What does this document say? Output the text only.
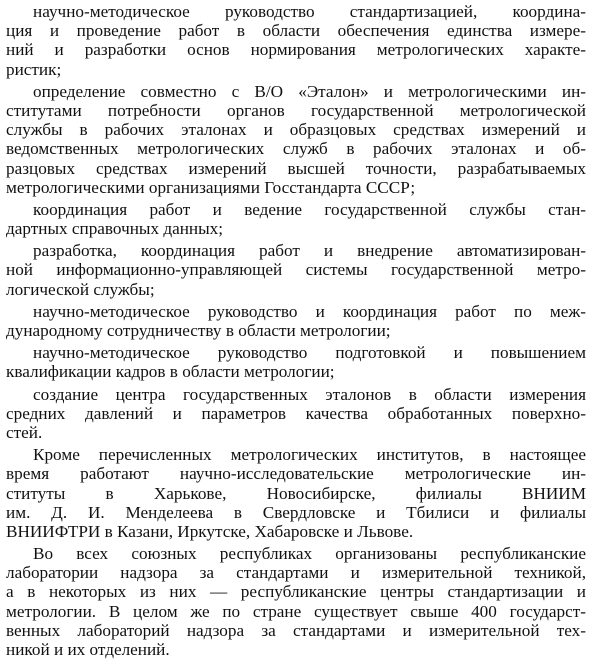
научно-методическое руководство стандартизацией, координа-
ция и проведение работ в области обеспечения единства измере-
ний и разработки основ нормирования метрологических характе-
ристик;
определение совместно с В/О «Эталон» и метрологическими ин-
ститутами потребности органов государственной метрологической
службы в рабочих эталонах и образцовых средствах измерений и
ведомственных метрологических служб в рабочих эталонах и об-
разцовых средствах измерений высшей точности, разрабатываемых
метрологическими организациями Госстандарта СССР;
координация работ и ведение государственной службы стан-
дартных справочных данных;
разработка, координация работ и внедрение автоматизирован-
ной информационно-управляющей системы государственной метро-
логической службы;
научно-методическое руководство и координация работ по меж-
дународному сотрудничеству в области метрологии;
научно-методическое руководство подготовкой и повышением
квалификации кадров в области метрологии;
создание центра государственных эталонов в области измерения
средних давлений и параметров качества обработанных поверхно-
стей.
Кроме перечисленных метрологических институтов, в настоящее
время работают научно-исследовательские метрологические ин-
ституты в Харькове, Новосибирске, филиалы ВНИИМ
им. Д. И. Менделеева в Свердловске и Тбилиси и филиалы
ВНИИФТРИ в Казани, Иркутске, Хабаровске и Львове.
Во всех союзных республиках организованы республиканские
лаборатории надзора за стандартами и измерительной техникой,
а в некоторых из них — республиканские центры стандартизации и
метрологии. В целом же по стране существует свыше 400 государст-
венных лабораторий надзора за стандартами и измерительной тех-
никой и их отделений.
